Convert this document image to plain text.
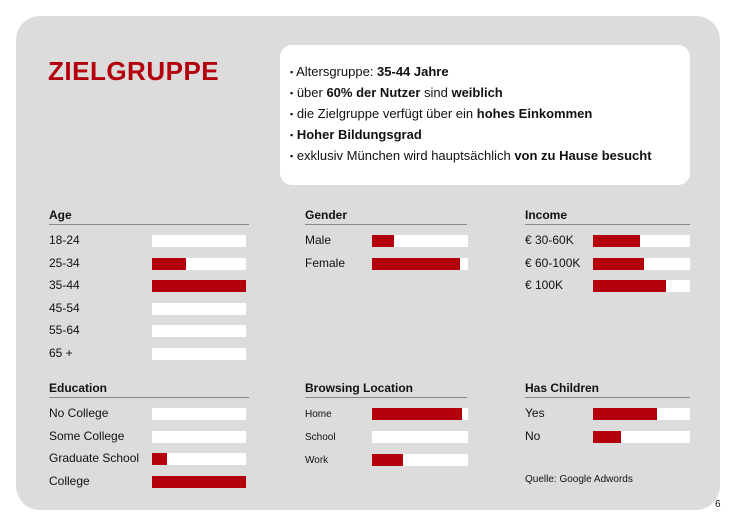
ZIELGRUPPE	▪ Altersgruppe: 35-44 Jahre
▪ über 60% der Nutzer sind weiblich
▪ die Zielgruppe verfügt über ein hohes Einkommen
▪ Hoher Bildungsgrad
▪ exklusiv München wird hauptsächlich von zu Hause besucht
Age
18-24
25-34
35-44
45-54
55-64
65 +
Gender
Male
Female
Income
€ 30-60K
€ 60-100K
€ 100K
Education
No College
Some College
Graduate School
College
Browsing Location
Home
School
Work
Has Children
Yes
No
Quelle: Google Adwords
6
